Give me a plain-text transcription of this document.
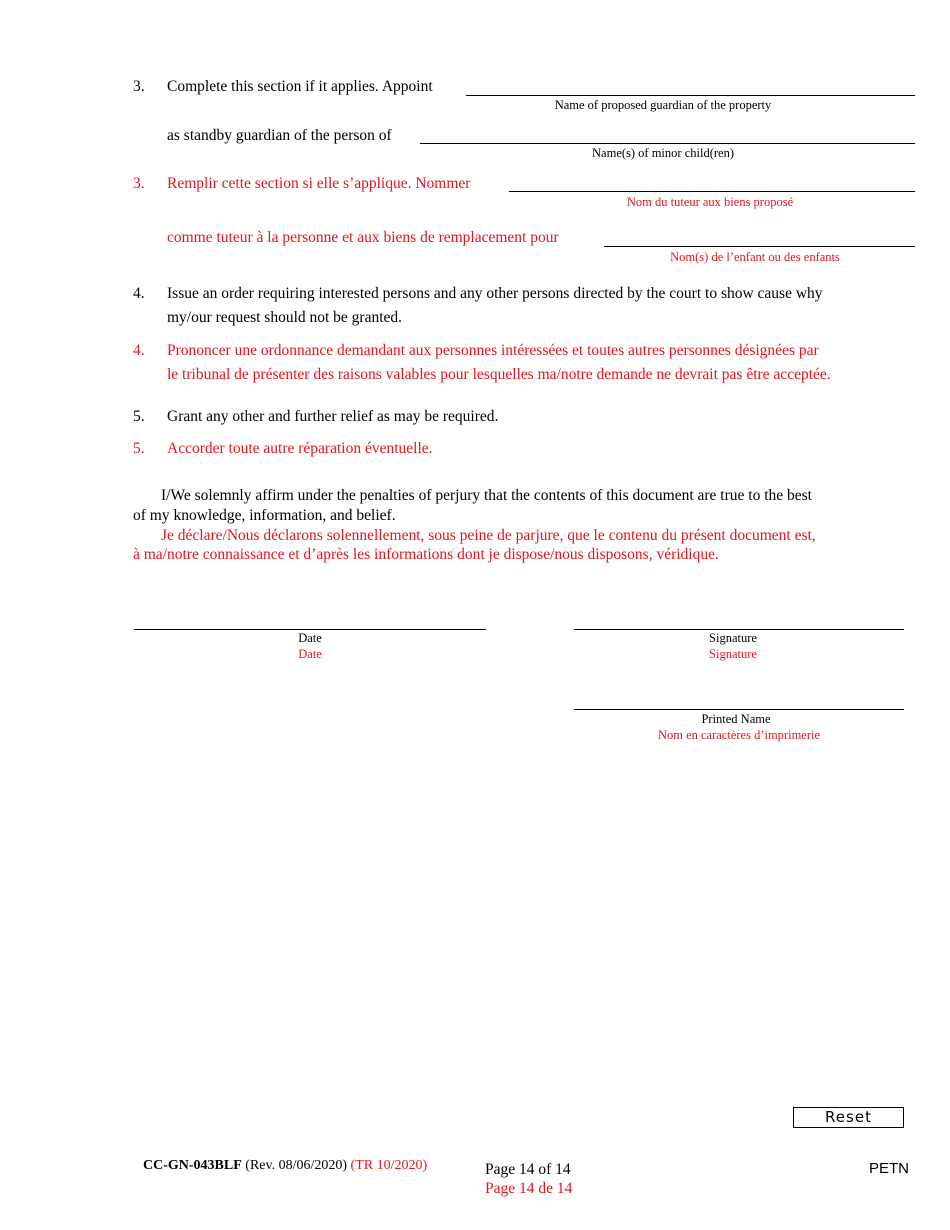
3. Complete this section if it applies. Appoint
Name of proposed guardian of the property
as standby guardian of the person of
Name(s) of minor child(ren)
3. Remplir cette section si elle s’applique. Nommer
Nom du tuteur aux biens proposé
comme tuteur à la personne et aux biens de remplacement pour
Nom(s) de l’enfant ou des enfants
4. Issue an order requiring interested persons and any other persons directed by the court to show cause why
my/our request should not be granted.
4. Prononcer une ordonnance demandant aux personnes intéressées et toutes autres personnes désignées par
le tribunal de présenter des raisons valables pour lesquelles ma/notre demande ne devrait pas être acceptée.
5. Grant any other and further relief as may be required.
5. Accorder toute autre réparation éventuelle.
I/We solemnly affirm under the penalties of perjury that the contents of this document are true to the best
of my knowledge, information, and belief.
Je déclare/Nous déclarons solennellement, sous peine de parjure, que le contenu du présent document est,
à ma/notre connaissance et d’après les informations dont je dispose/nous disposons, véridique.
Date
Date
Signature
Signature
Printed Name
Nom en caractères d’imprimerie
Reset
CC-GN-043BLF (Rev. 08/06/2020) (TR 10/2020)	Page 14 of 14
Page 14 de 14
PETN
